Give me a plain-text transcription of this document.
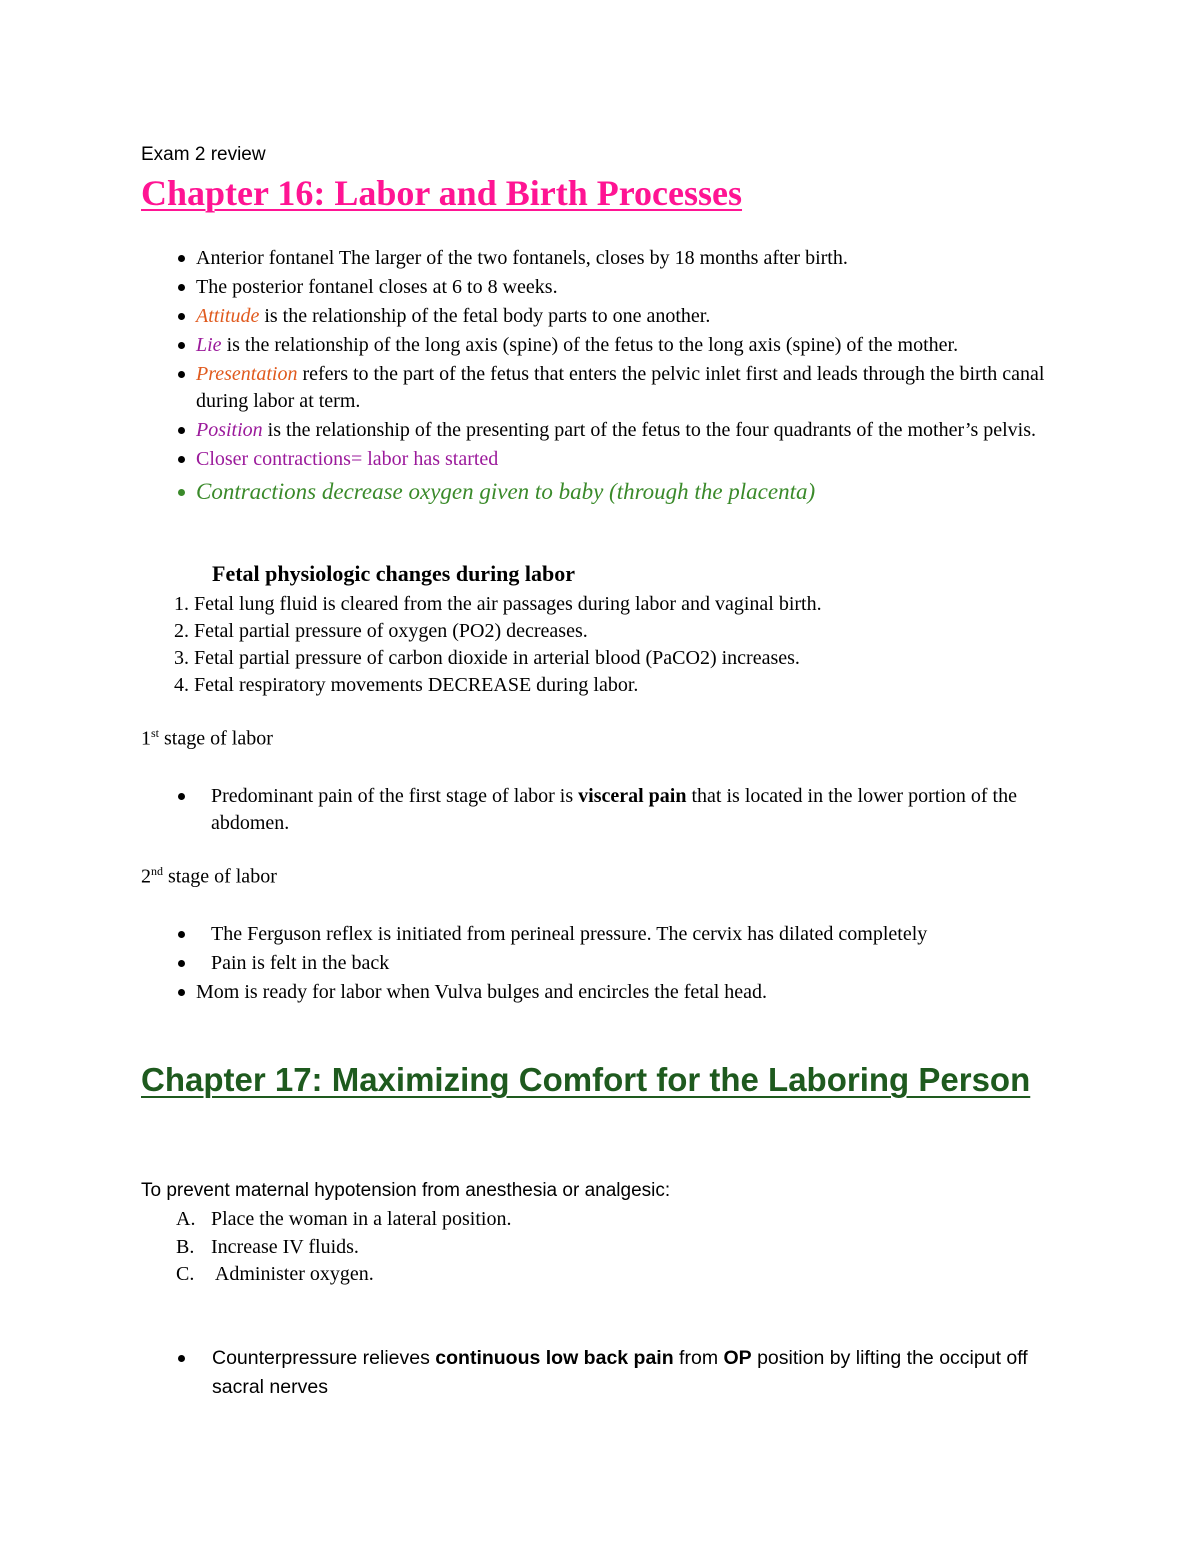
Exam 2 review
Chapter 16: Labor and Birth Processes
Anterior fontanel The larger of the two fontanels, closes by 18 months after birth.
The posterior fontanel closes at 6 to 8 weeks.
Attitude is the relationship of the fetal body parts to one another.
Lie is the relationship of the long axis (spine) of the fetus to the long axis (spine) of the mother.
Presentation refers to the part of the fetus that enters the pelvic inlet first and leads through the birth canal during labor at term.
Position is the relationship of the presenting part of the fetus to the four quadrants of the mother’s pelvis.
Closer contractions= labor has started
Contractions decrease oxygen given to baby (through the placenta)
Fetal physiologic changes during labor
1. Fetal lung fluid is cleared from the air passages during labor and vaginal birth.
2. Fetal partial pressure of oxygen (PO2) decreases.
3. Fetal partial pressure of carbon dioxide in arterial blood (PaCO2) increases.
4. Fetal respiratory movements DECREASE during labor.
1st stage of labor
Predominant pain of the first stage of labor is visceral pain that is located in the lower portion of the abdomen.
2nd stage of labor
The Ferguson reflex is initiated from perineal pressure. The cervix has dilated completely
Pain is felt in the back
Mom is ready for labor when Vulva bulges and encircles the fetal head.
Chapter 17: Maximizing Comfort for the Laboring Person
To prevent maternal hypotension from anesthesia or analgesic:
A. Place the woman in a lateral position.
B. Increase IV fluids.
C. Administer oxygen.
Counterpressure relieves continuous low back pain from OP position by lifting the occiput off sacral nerves
